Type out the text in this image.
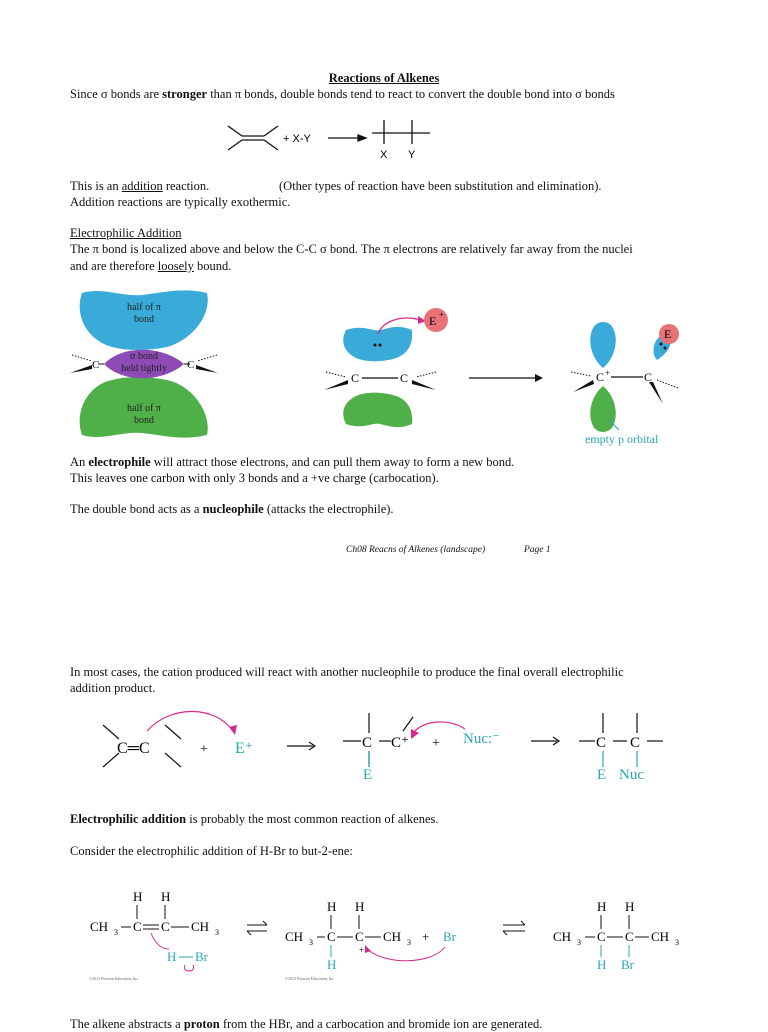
Reactions of Alkenes
Since σ bonds are stronger than π bonds, double bonds tend to react to convert the double bond into σ bonds
+ X-Y
X Y
This is an addition reaction.	(Other types of reaction have been substitution and elimination).
Addition reactions are typically exothermic.
Electrophilic Addition
The π bond is localized above and below the C-C σ bond. The π electrons are relatively far away from the nuclei
and are therefore loosely bound.
C	C
half of π
bond
σ bond
held tightly
half of π
bond
C	C
E +
E
C +	C
empty p orbital
An electrophile will attract those electrons, and can pull them away to form a new bond.
This leaves one carbon with only 3 bonds and a +ve charge (carbocation).
The double bond acts as a nucleophile (attacks the electrophile).
Ch08 Reacns of Alkenes (landscape)	Page 1
In most cases, the cation produced will react with another nucleophile to produce the final overall electrophilic
addition product.
C═C	+ E⁺	C C⁺
E
+ Nuc:⁻	C C
E Nuc
Electrophilic addition is probably the most common reaction of alkenes.
Consider the electrophilic addition of H-Br to but-2-ene:
H H
CH 3 C C CH 3
H Br
©2013 Pearson Education, Inc.
H H
CH 3 C C CH 3
H
+
+ Br
©2013 Pearson Education, Inc.
H H
CH 3 C C CH 3
H Br
The alkene abstracts a proton from the HBr, and a carbocation and bromide ion are generated.
